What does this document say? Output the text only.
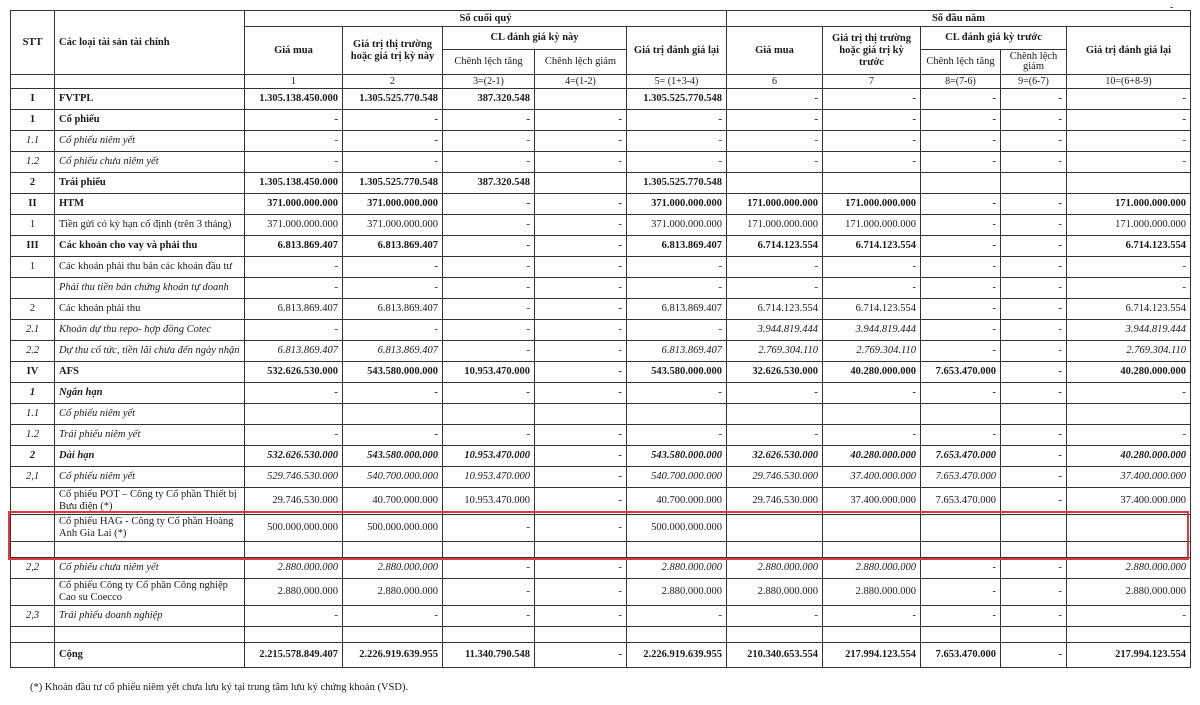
-
STT	Các loại tài sản tài chính	Số cuối quý					Số đầu năm				
		Giá mua	Giá trị thị trường hoặc giá trị kỳ này	CL đánh giá kỳ này		Giá trị đánh giá lại	Giá mua	Giá trị thị trường hoặc giá trị kỳ trước	CL đánh giá kỳ trước		Giá trị đánh giá lại
				Chênh lệch tăng	Chênh lệch giảm				Chênh lệch tăng	Chênh lệch giảm	
		1	2	3=(2-1)	4=(1-2)	5= (1+3-4)	6	7	8=(7-6)	9=(6-7)	10=(6+8-9)
I	FVTPL	1.305.138.450.000	1.305.525.770.548	387.320.548		1.305.525.770.548	-	-	-	-	-
1	Cổ phiếu	-	-	-	-	-	-	-	-	-	-
1.1	Cổ phiếu niêm yết	-	-	-	-	-	-	-	-	-	-
1.2	Cổ phiếu chưa niêm yết	-	-	-	-	-	-	-	-	-	-
2	Trái phiếu	1.305.138.450.000	1.305.525.770.548	387.320.548		1.305.525.770.548					
II	HTM	371.000.000.000	371.000.000.000	-	-	371.000.000.000	171.000.000.000	171.000.000.000	-	-	171.000.000.000
1	Tiền gửi có kỳ hạn cố định (trên 3 tháng)	371.000.000.000	371.000.000.000	-	-	371.000.000.000	171.000.000.000	171.000.000.000	-	-	171.000.000.000
III	Các khoản cho vay và phải thu	6.813.869.407	6.813.869.407	-	-	6.813.869.407	6.714.123.554	6.714.123.554	-	-	6.714.123.554
1	Các khoản phải thu bán các khoản đầu tư	-	-	-	-	-	-	-	-	-	-
	Phải thu tiền bán chứng khoán tự doanh	-	-	-	-	-	-	-	-	-	-
2	Các khoản phải thu	6.813.869.407	6.813.869.407	-	-	6.813.869.407	6.714.123.554	6.714.123.554	-	-	6.714.123.554
2.1	Khoản dự thu repo- hợp đồng Cotec	-	-	-	-	-	3.944.819.444	3.944.819.444	-	-	3.944.819.444
2.2	Dự thu cổ tức, tiền lãi chưa đến ngày nhận	6.813.869.407	6.813.869.407	-	-	6.813.869.407	2.769.304.110	2.769.304.110	-	-	2.769.304.110
IV	AFS	532.626.530.000	543.580.000.000	10.953.470.000	-	543.580.000.000	32.626.530.000	40.280.000.000	7.653.470.000	-	40.280.000.000
1	Ngắn hạn	-	-	-	-	-	-	-	-	-	-
1.1	Cổ phiếu niêm yết										
1.2	Trái phiếu niêm yết	-	-	-	-	-	-	-	-	-	-
2	Dài hạn	532.626.530.000	543.580.000.000	10.953.470.000	-	543.580.000.000	32.626.530.000	40.280.000.000	7.653.470.000	-	40.280.000.000
2,1	Cổ phiếu niêm yết	529.746.530.000	540.700.000.000	10.953.470.000	-	540.700.000.000	29.746.530.000	37.400.000.000	7.653.470.000	-	37.400.000.000
	Cổ phiếu POT – Công ty Cổ phần Thiết bị Bưu điện (*)	29.746.530.000	40.700.000.000	10.953.470.000	-	40.700.000.000	29.746.530.000	37.400.000.000	7.653.470.000	-	37.400.000.000
	Cổ phiếu HAG - Công ty Cổ phần Hoàng Anh Gia Lai (*)	500.000.000.000	500.000.000.000	-	-	500.000.000.000					

2,2	Cổ phiếu chưa niêm yết	2.880.000.000	2.880.000.000	-	-	2.880.000.000	2.880.000.000	2.880.000.000	-	-	2.880.000.000
	Cổ phiếu Công ty Cổ phần Công nghiệp Cao su Coecco	2.880.000.000	2.880.000.000	-	-	2.880.000.000	2.880.000.000	2.880.000.000	-	-	2.880.000.000
2,3	Trái phiếu doanh nghiệp	-	-	-	-	-	-	-	-	-	-

	Cộng	2.215.578.849.407	2.226.919.639.955	11.340.790.548	-	2.226.919.639.955	210.340.653.554	217.994.123.554	7.653.470.000	-	217.994.123.554
(*) Khoản đầu tư cổ phiếu niêm yết chưa lưu ký tại trung tâm lưu ký chứng khoán (VSD).
